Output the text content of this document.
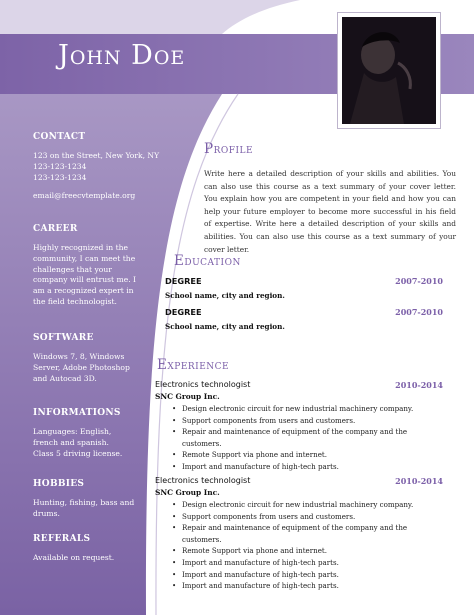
John Doe
CONTACT

123 on the Street, New York, NY

123-123-1234

123-123-1234

email@freecvtemplate.org

CAREER

Highly recognized in the

community, I can meet the

challenges that your

company will entrust me. I

am a recognized expert in

the field technologist.

SOFTWARE

Windows 7, 8, Windows

Server, Adobe Photoshop

and Autocad 3D.

INFORMATIONS

Languages: English,

french and spanish.

Class 5 driving license.

HOBBIES

Hunting, fishing, bass and

drums.

REFERALS

Available on request.

Profile

Write here a detailed description of your skills and abilities. You can also use this course as a text summary of your cover letter. You explain how you are competent in your field and how you can help your future employer to become more successful in his field of expertise. Write here a detailed description of your skills and abilities. You can also use this course as a text summary of your cover letter.

Education
DEGREE	2007-2010
School name, city and region.
DEGREE	2007-2010
School name, city and region.
Experience
Electronics technologist	2010-2014
SNC Group Inc.
• Design electronic circuit for new industrial machinery company.
• Support components from users and customers.
• Repair and maintenance of equipment of the company and the customers.
• Remote Support via phone and internet.
• Import and manufacture of high-tech parts.
Electronics technologist	2010-2014
SNC Group Inc.
• Design electronic circuit for new industrial machinery company.
• Support components from users and customers.
• Repair and maintenance of equipment of the company and the customers.
• Remote Support via phone and internet.
• Import and manufacture of high-tech parts.
• Import and manufacture of high-tech parts.
• Import and manufacture of high-tech parts.
